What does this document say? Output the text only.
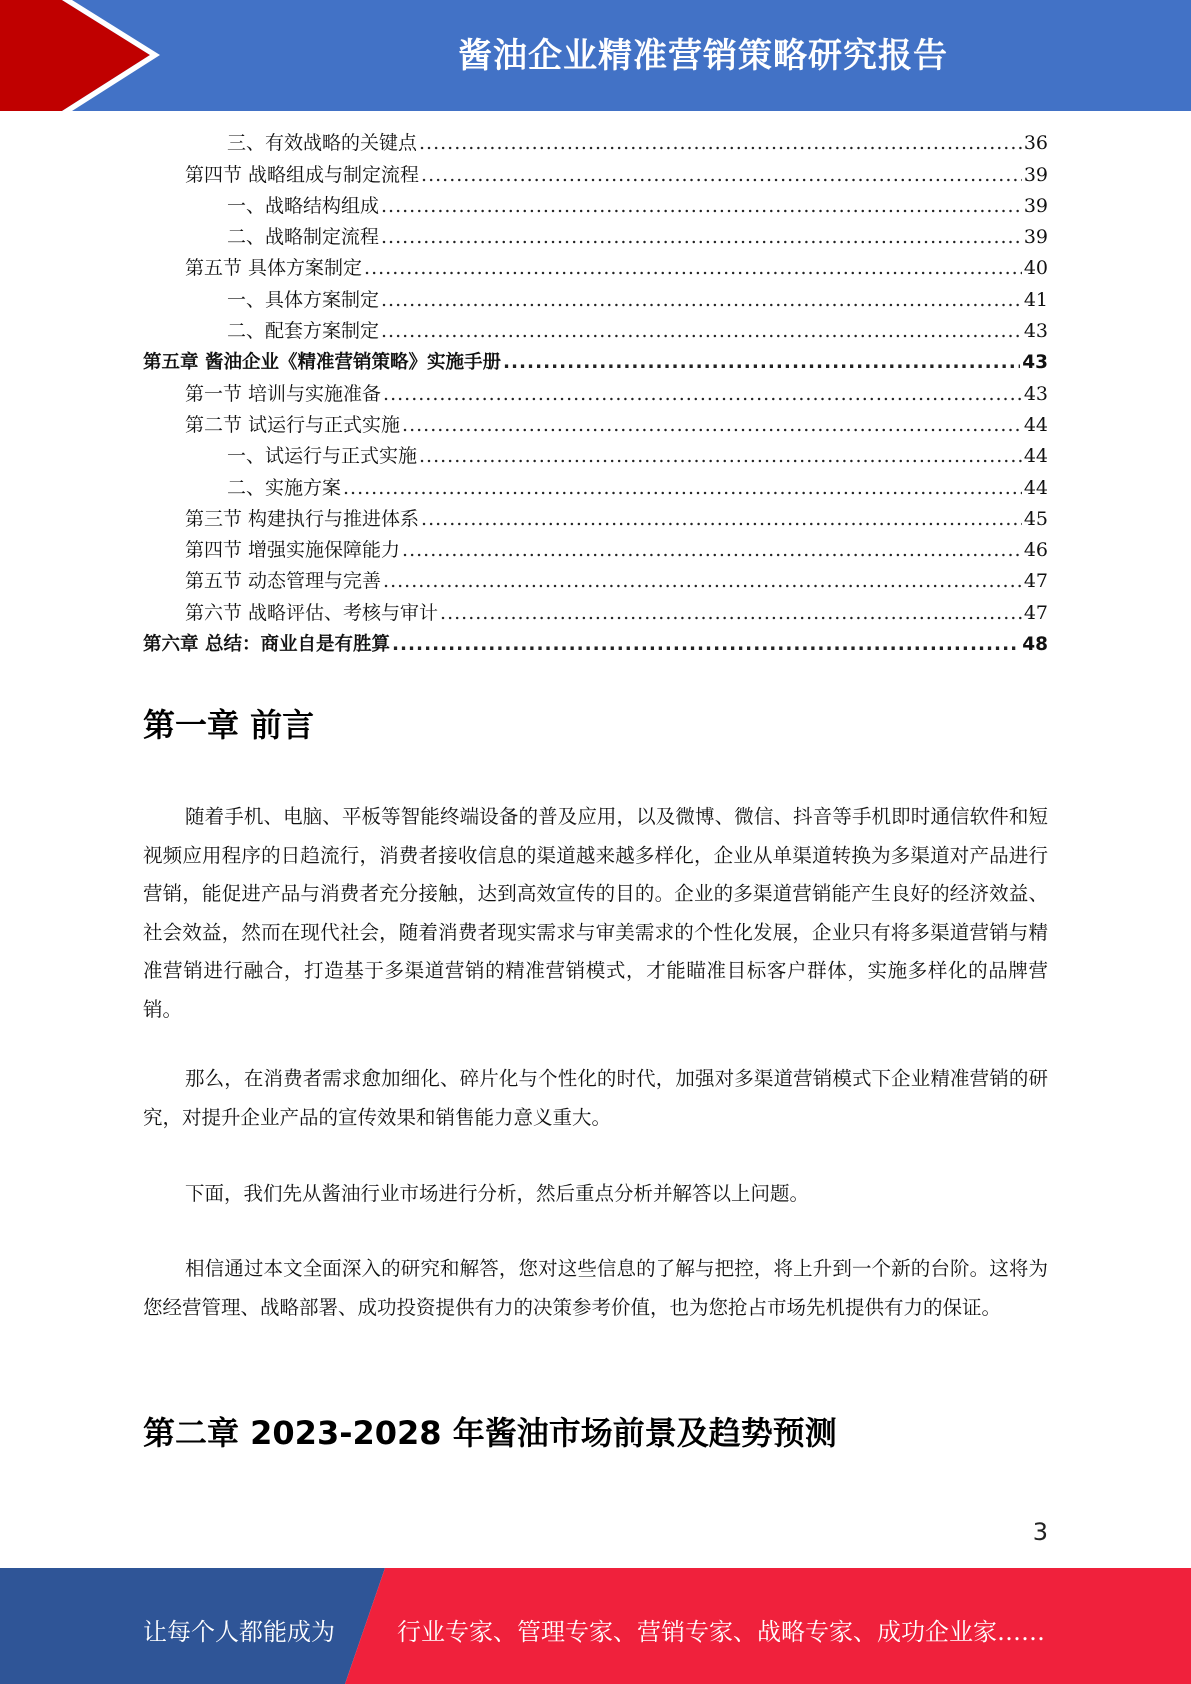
酱油企业精准营销策略研究报告
三、有效战略的关键点 .....	36
第四节 战略组成与制定流程 .....	39
一、战略结构组成 .....	39
二、战略制定流程 .....	39
第五节 具体方案制定 .....	40
一、具体方案制定 .....	41
二、配套方案制定 .....	43
第五章 酱油企业《精准营销策略》实施手册 .....	43
第一节 培训与实施准备 .....	43
第二节 试运行与正式实施 .....	44
一、试运行与正式实施 .....	44
二、实施方案 .....	44
第三节 构建执行与推进体系 .....	45
第四节 增强实施保障能力 .....	46
第五节 动态管理与完善 .....	47
第六节 战略评估、考核与审计 .....	47
第六章 总结：商业自是有胜算 .....	48
第一章 前言

随着手机、电脑、平板等智能终端设备的普及应用，以及微博、微信、抖音等手机即时通信软件和短视频应用程序的日趋流行，消费者接收信息的渠道越来越多样化，企业从单渠道转换为多渠道对产品进行营销，能促进产品与消费者充分接触，达到高效宣传的目的。企业的多渠道营销能产生良好的经济效益、社会效益，然而在现代社会，随着消费者现实需求与审美需求的个性化发展，企业只有将多渠道营销与精准营销进行融合，打造基于多渠道营销的精准营销模式，才能瞄准目标客户群体，实施多样化的品牌营销。

那么，在消费者需求愈加细化、碎片化与个性化的时代，加强对多渠道营销模式下企业精准营销的研究，对提升企业产品的宣传效果和销售能力意义重大。

下面，我们先从酱油行业市场进行分析，然后重点分析并解答以上问题。

相信通过本文全面深入的研究和解答，您对这些信息的了解与把控，将上升到一个新的台阶。这将为您经营管理、战略部署、成功投资提供有力的决策参考价值，也为您抢占市场先机提供有力的保证。

第二章 2023-2028 年酱油市场前景及趋势预测
3
让每个人都能成为	行业专家、管理专家、营销专家、战略专家、成功企业家……
